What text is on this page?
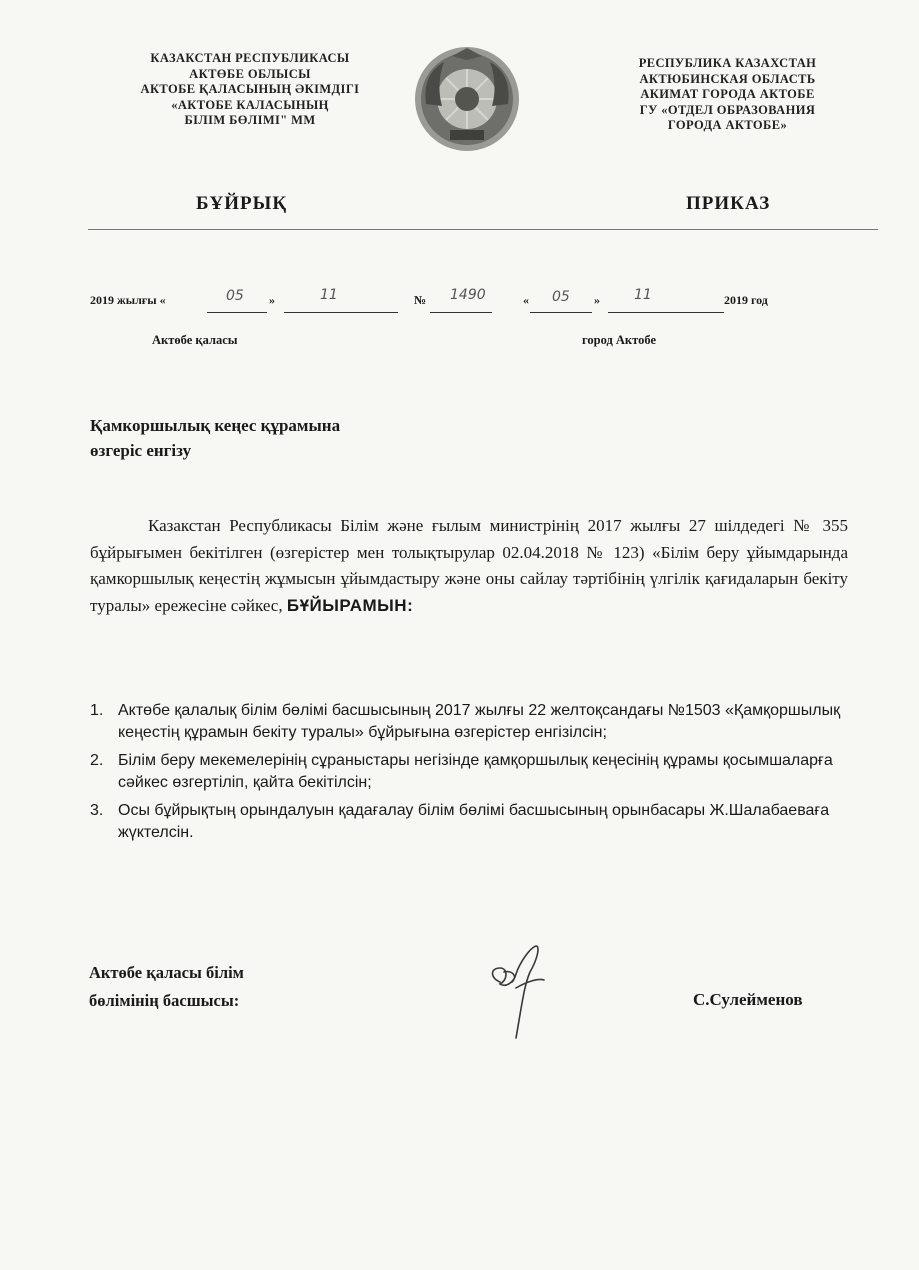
КАЗАКСТАН РЕСПУБЛИКАСЫ
АКТӨБЕ ОБЛЫСЫ
АКТОБЕ ҚАЛАСЫНЫҢ ӘКІМДІГІ
«АКТОБЕ КАЛАСЫНЫҢ
БІЛІМ БӨЛІМІ" ММ
РЕСПУБЛИКА КАЗАХСТАН
АКТЮБИНСКАЯ ОБЛАСТЬ
АКИМАТ ГОРОДА АКТОБЕ
ГУ «ОТДЕЛ ОБРАЗОВАНИЯ
ГОРОДА АКТОБЕ»
БҰЙРЫҚ	ПРИКАЗ
2019 жылғы «	05 »	11	№ 1490	« 05 » 11	2019 год
Актөбе қаласы	город Актобе
Қамкоршылық кеңес құрамына
өзгеріс енгізу
Казакстан Республикасы Білім және ғылым министрінің 2017 жылғы 27 шілдедегі № 355 бұйрығымен бекітілген (өзгерістер мен толықтырулар 02.04.2018 № 123) «Білім беру ұйымдарында қамкоршылық кеңестің жұмысын ұйымдастыру және оны сайлау тәртібінің үлгілік қағидаларын бекіту туралы» ережесіне сәйкес, БҰЙЫРАМЫН:
1. Актөбе қалалық білім бөлімі басшысының 2017 жылғы 22 желтоқсандағы №1503 «Қамқоршылық кеңестің құрамын бекіту туралы» бұйрығына өзгерістер енгізілсін;
2. Білім беру мекемелерінің сұраныстары негізінде қамқоршылық кеңесінің құрамы қосымшаларға сәйкес өзгертіліп, қайта бекітілсін;
3. Осы бұйрықтың орындалуын қадағалау білім бөлімі басшысының орынбасары Ж.Шалабаеваға жүктелсін.
Актөбе қаласы білім
бөлімінің басшысы:	С.Сулейменов
